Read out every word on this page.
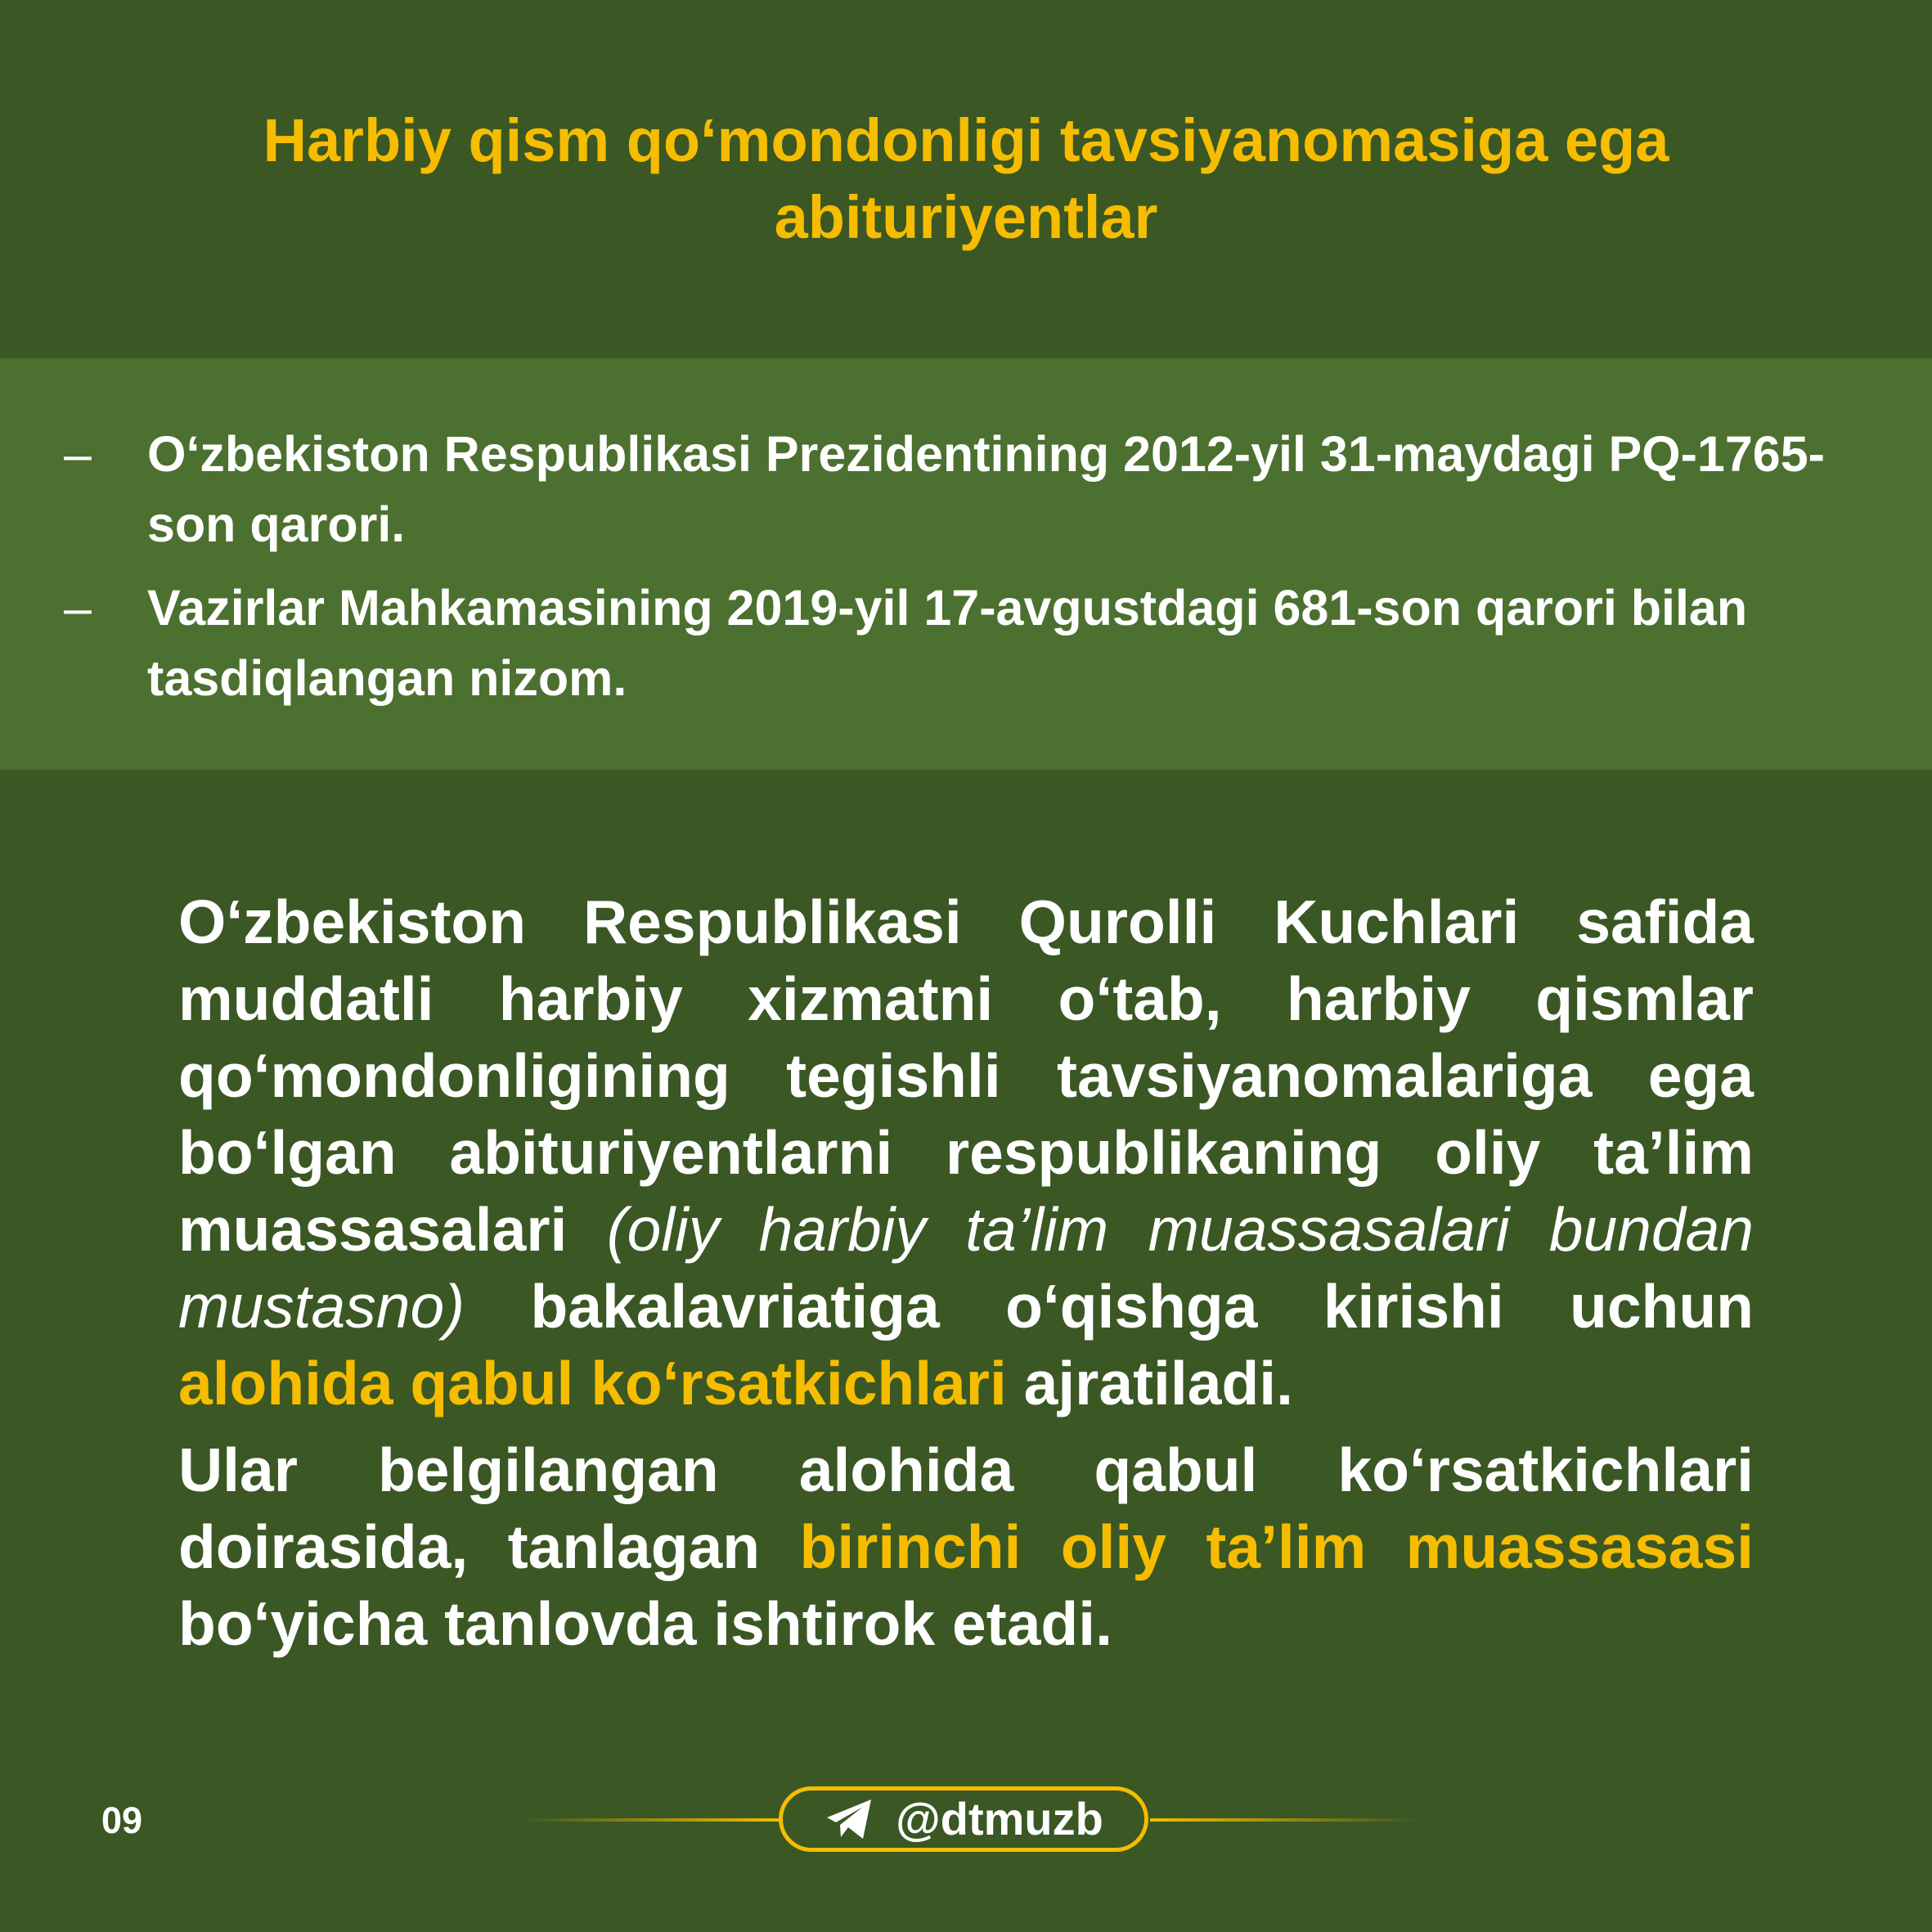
Harbiy qism qo‘mondonligi tavsiyanomasiga ega abituriyentlar
– O‘zbekiston Respublikasi Prezidentining 2012-yil 31-maydagi PQ-1765-son qarori.
– Vazirlar Mahkamasining 2019-yil 17-avgustdagi 681-son qarori bilan tasdiqlangan nizom.

O‘zbekiston Respublikasi Qurolli Kuchlari safida muddatli harbiy xizmatni o‘tab, harbiy qismlar qo‘mondonligining tegishli tavsiyanomalariga ega bo‘lgan abituriyentlarni respublikaning oliy ta’lim muassasalari (oliy harbiy ta’lim muassasalari bundan mustasno) bakalavriatiga o‘qishga kirishi uchun alohida qabul ko‘rsatkichlari ajratiladi.

Ular belgilangan alohida qabul ko‘rsatkichlari doirasida, tanlagan birinchi oliy ta’lim muassasasi bo‘yicha tanlovda ishtirok etadi.

09	@dtmuzb
